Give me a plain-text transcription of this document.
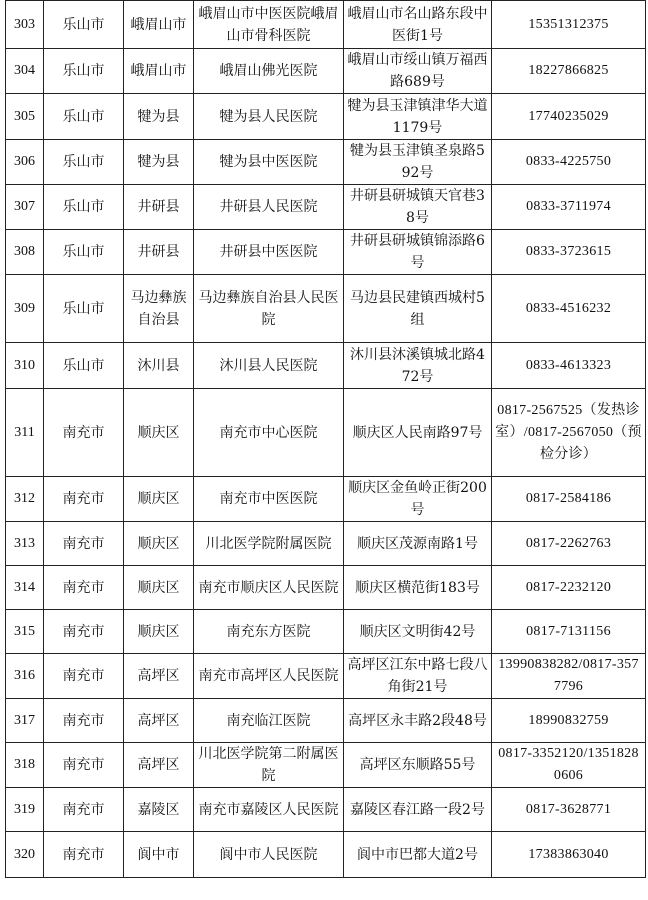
303	乐山市	峨眉山市	峨眉山市中医医院峨眉山市骨科医院	峨眉山市名山路东段中医街1号	15351312375
304	乐山市	峨眉山市	峨眉山佛光医院	峨眉山市绥山镇万福西路689号	18227866825
305	乐山市	犍为县	犍为县人民医院	犍为县玉津镇津华大道1179号	17740235029
306	乐山市	犍为县	犍为县中医医院	犍为县玉津镇圣泉路592号	0833-4225750
307	乐山市	井研县	井研县人民医院	井研县研城镇天官巷38号	0833-3711974
308	乐山市	井研县	井研县中医医院	井研县研城镇锦添路6号	0833-3723615
309	乐山市	马边彝族自治县	马边彝族自治县人民医院	马边县民建镇西城村5组	0833-4516232
310	乐山市	沐川县	沐川县人民医院	沐川县沐溪镇城北路472号	0833-4613323
311	南充市	顺庆区	南充市中心医院	顺庆区人民南路97号	0817-2567525（发热诊室）/0817-2567050（预检分诊）
312	南充市	顺庆区	南充市中医医院	顺庆区金鱼岭正街200号	0817-2584186
313	南充市	顺庆区	川北医学院附属医院	顺庆区茂源南路1号	0817-2262763
314	南充市	顺庆区	南充市顺庆区人民医院	顺庆区横范街183号	0817-2232120
315	南充市	顺庆区	南充东方医院	顺庆区文明街42号	0817-7131156
316	南充市	高坪区	南充市高坪区人民医院	高坪区江东中路七段八角街21号	13990838282/0817-3577796
317	南充市	高坪区	南充临江医院	高坪区永丰路2段48号	18990832759
318	南充市	高坪区	川北医学院第二附属医院	高坪区东顺路55号	0817-3352120/13518280606
319	南充市	嘉陵区	南充市嘉陵区人民医院	嘉陵区春江路一段2号	0817-3628771
320	南充市	阆中市	阆中市人民医院	阆中市巴都大道2号	17383863040
